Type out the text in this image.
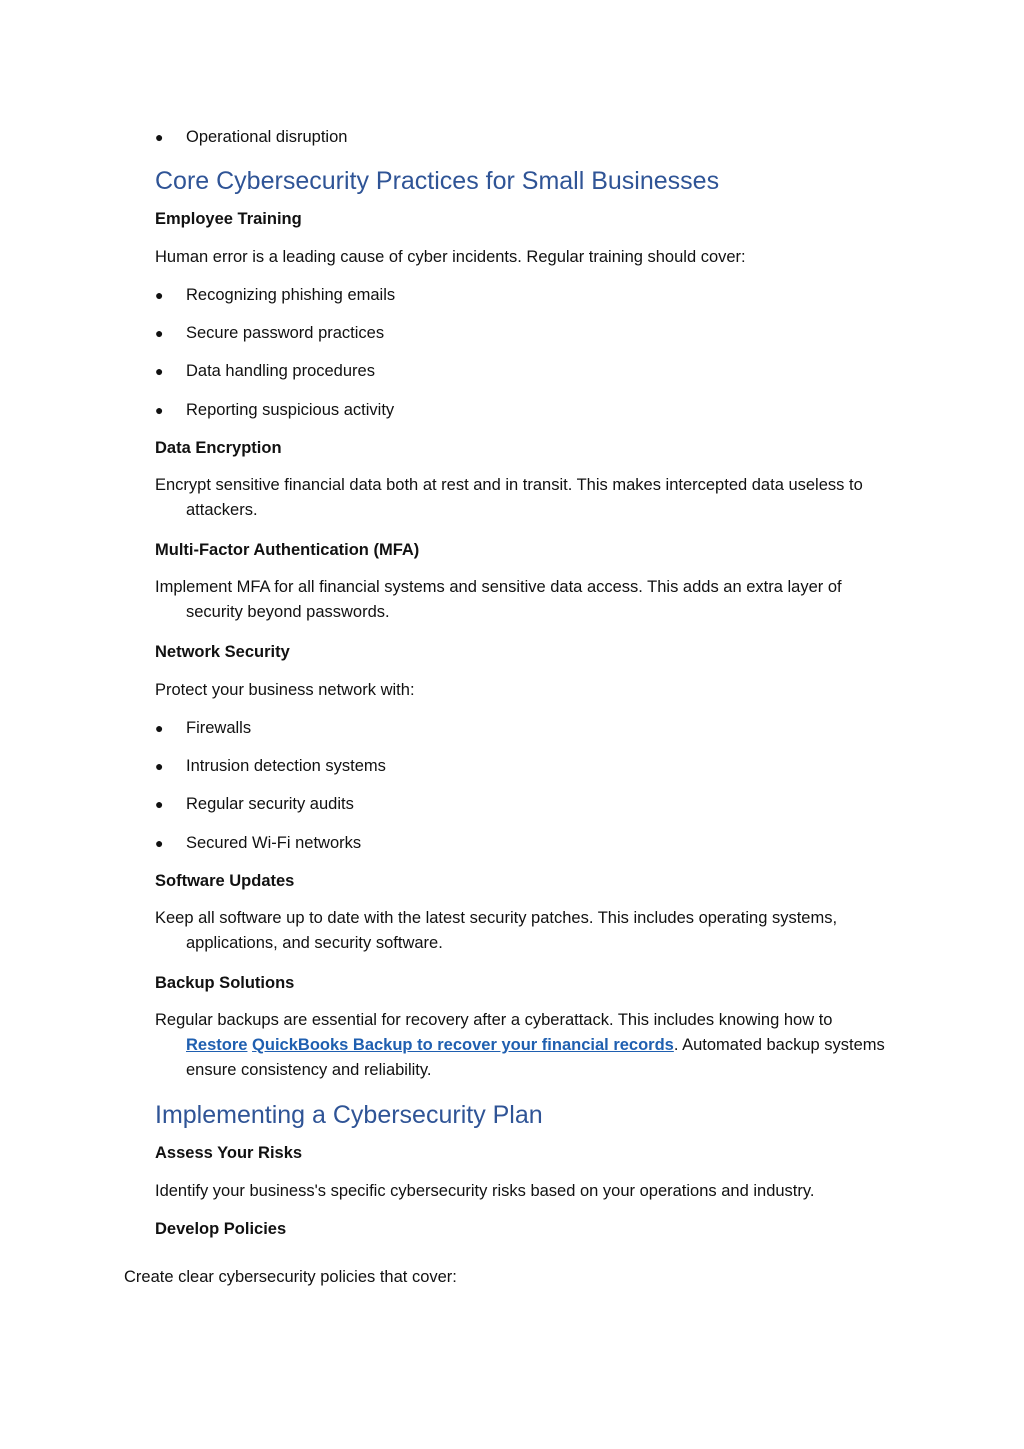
● Operational disruption
Core Cybersecurity Practices for Small Businesses
Employee Training
Human error is a leading cause of cyber incidents. Regular training should cover:
● Recognizing phishing emails
● Secure password practices
● Data handling procedures
● Reporting suspicious activity
Data Encryption
Encrypt sensitive financial data both at rest and in transit. This makes intercepted data useless to
attackers.
Multi-Factor Authentication (MFA)
Implement MFA for all financial systems and sensitive data access. This adds an extra layer of
security beyond passwords.
Network Security
Protect your business network with:
● Firewalls
● Intrusion detection systems
● Regular security audits
● Secured Wi-Fi networks
Software Updates
Keep all software up to date with the latest security patches. This includes operating systems,
applications, and security software.
Backup Solutions
Regular backups are essential for recovery after a cyberattack. This includes knowing how to
Restore QuickBooks Backup to recover your financial records. Automated backup systems
ensure consistency and reliability.
Implementing a Cybersecurity Plan
Assess Your Risks
Identify your business's specific cybersecurity risks based on your operations and industry.
Develop Policies
Create clear cybersecurity policies that cover:
